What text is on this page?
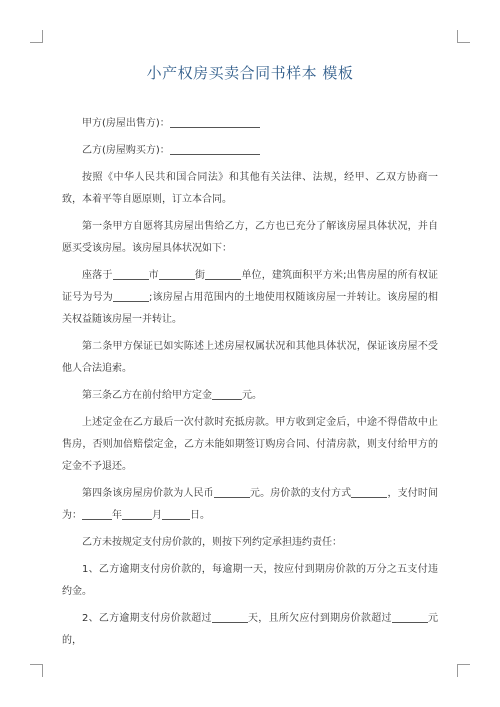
小产权房买卖合同书样本 模板

甲方(房屋出售方)：

乙方(房屋购买方)：

按照《中华人民共和国合同法》和其他有关法律、法规，经甲、乙双方协商一致，本着平等自愿原则，订立本合同。

第一条甲方自愿将其房屋出售给乙方，乙方也已充分了解该房屋具体状况，并自愿买受该房屋。该房屋具体状况如下：

座落于	市	街	单位，建筑面积平方米;出售房屋的所有权证证号为号为	;该房屋占用范围内的土地使用权随该房屋一并转让。该房屋的相关权益随该房屋一并转让。

第二条甲方保证已如实陈述上述房屋权属状况和其他具体状况，保证该房屋不受他人合法追索。

第三条乙方在前付给甲方定金	元。

上述定金在乙方最后一次付款时充抵房款。甲方收到定金后，中途不得借故中止售房，否则加倍赔偿定金，乙方未能如期签订购房合同、付清房款，则支付给甲方的定金不予退还。

第四条该房屋房价款为人民币	元。房价款的支付方式	，支付时间为：	年	月	日。

乙方未按规定支付房价款的，则按下列约定承担违约责任：

1、乙方逾期支付房价款的，每逾期一天，按应付到期房价款的万分之五支付违约金。

2、乙方逾期支付房价款超过	天，且所欠应付到期房价款超过	元的，
